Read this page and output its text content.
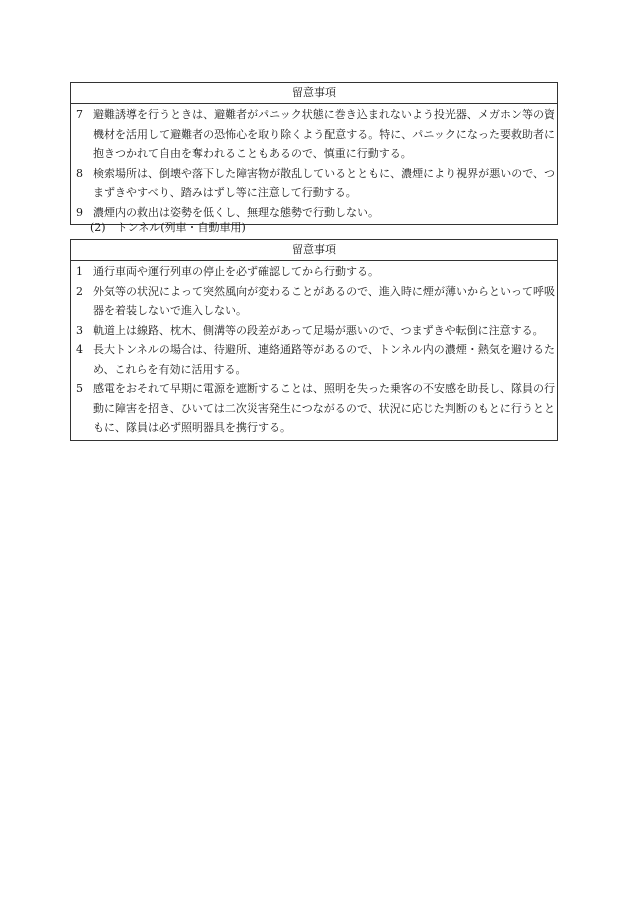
留意事項
7 避難誘導を行うときは、避難者がパニック状態に巻き込まれないよう投光器、メガホン等の資機材を活用して避難者の恐怖心を取り除くよう配意する。特に、パニックになった要救助者に抱きつかれて自由を奪われることもあるので、慎重に行動する。
8 検索場所は、倒壊や落下した障害物が散乱しているとともに、濃煙により視界が悪いので、つまずきやすべり、踏みはずし等に注意して行動する。
9 濃煙内の救出は姿勢を低くし、無理な態勢で行動しない。
(2)　トンネル(列車・自動車用)
留意事項
1 通行車両や運行列車の停止を必ず確認してから行動する。
2 外気等の状況によって突然風向が変わることがあるので、進入時に煙が薄いからといって呼吸器を着装しないで進入しない。
3 軌道上は線路、枕木、側溝等の段差があって足場が悪いので、つまずきや転倒に注意する。
4 長大トンネルの場合は、待避所、連絡通路等があるので、トンネル内の濃煙・熱気を避けるため、これらを有効に活用する。
5 感電をおそれて早期に電源を遮断することは、照明を失った乗客の不安感を助長し、隊員の行動に障害を招き、ひいては二次災害発生につながるので、状況に応じた判断のもとに行うとともに、隊員は必ず照明器具を携行する。
